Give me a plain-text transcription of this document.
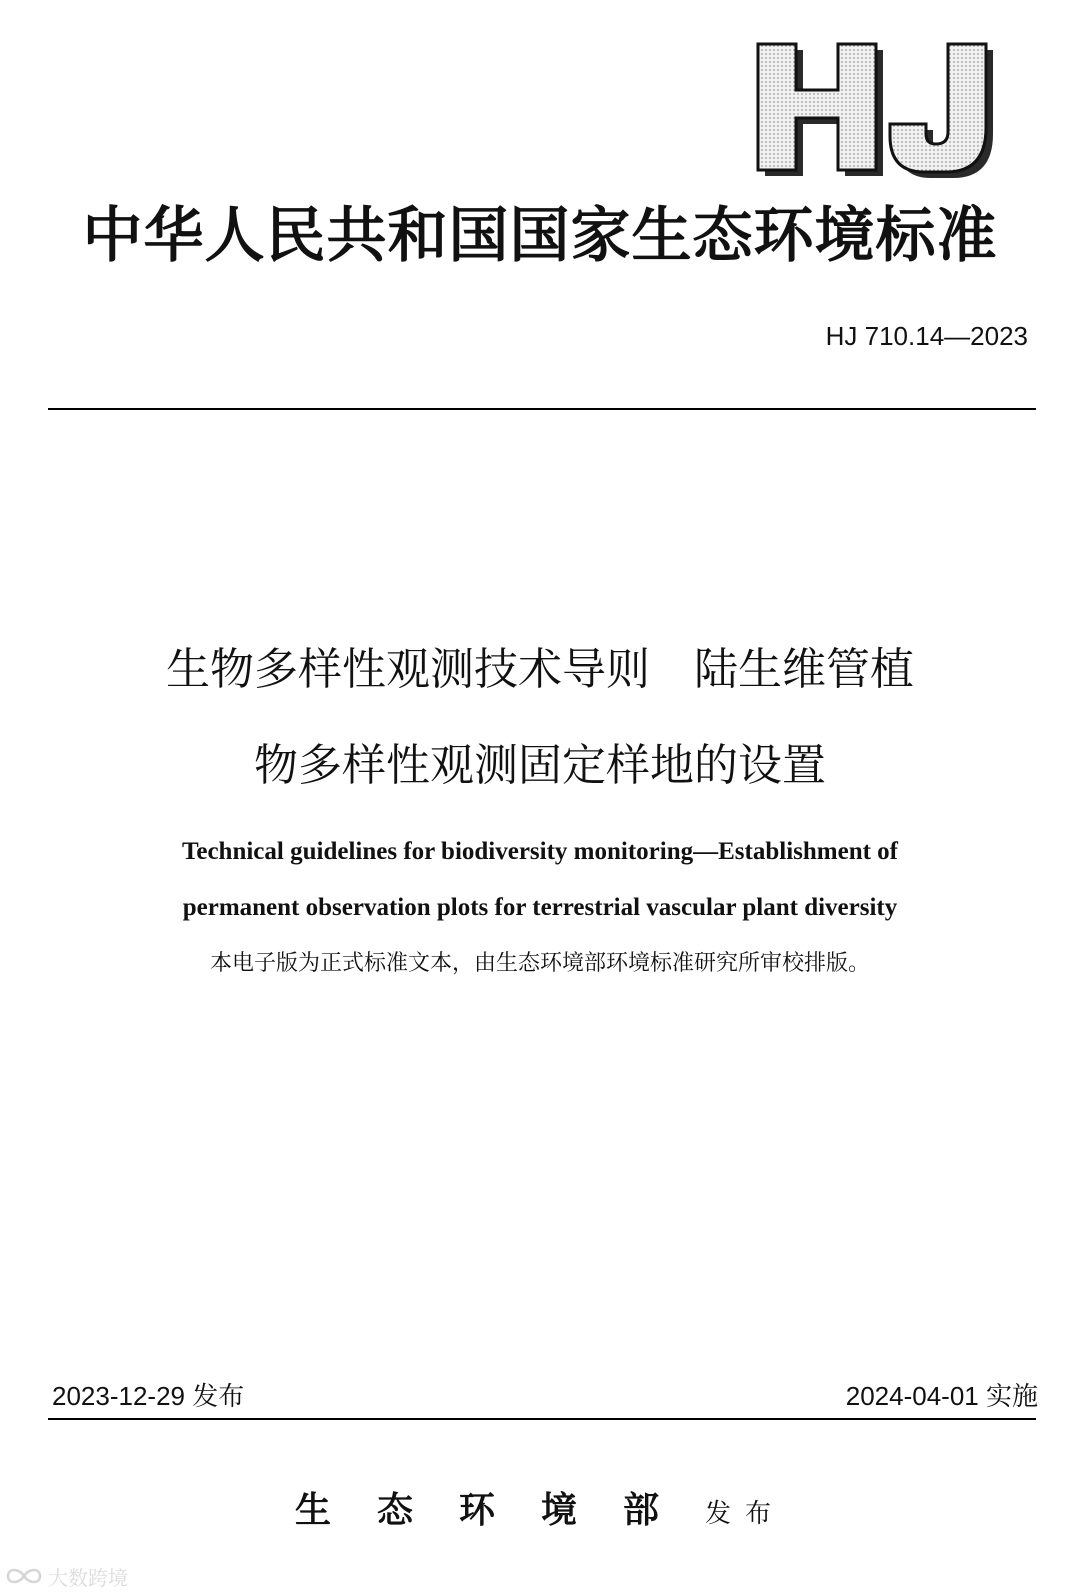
中华人民共和国国家生态环境标准
HJ 710.14—2023
生物多样性观测技术导则　陆生维管植
物多样性观测固定样地的设置
Technical guidelines for biodiversity monitoring—Establishment of
permanent observation plots for terrestrial vascular plant diversity
本电子版为正式标准文本，由生态环境部环境标准研究所审校排版。
2023-12-29 发布	2024-04-01 实施
生态环境部发布
大数跨境
